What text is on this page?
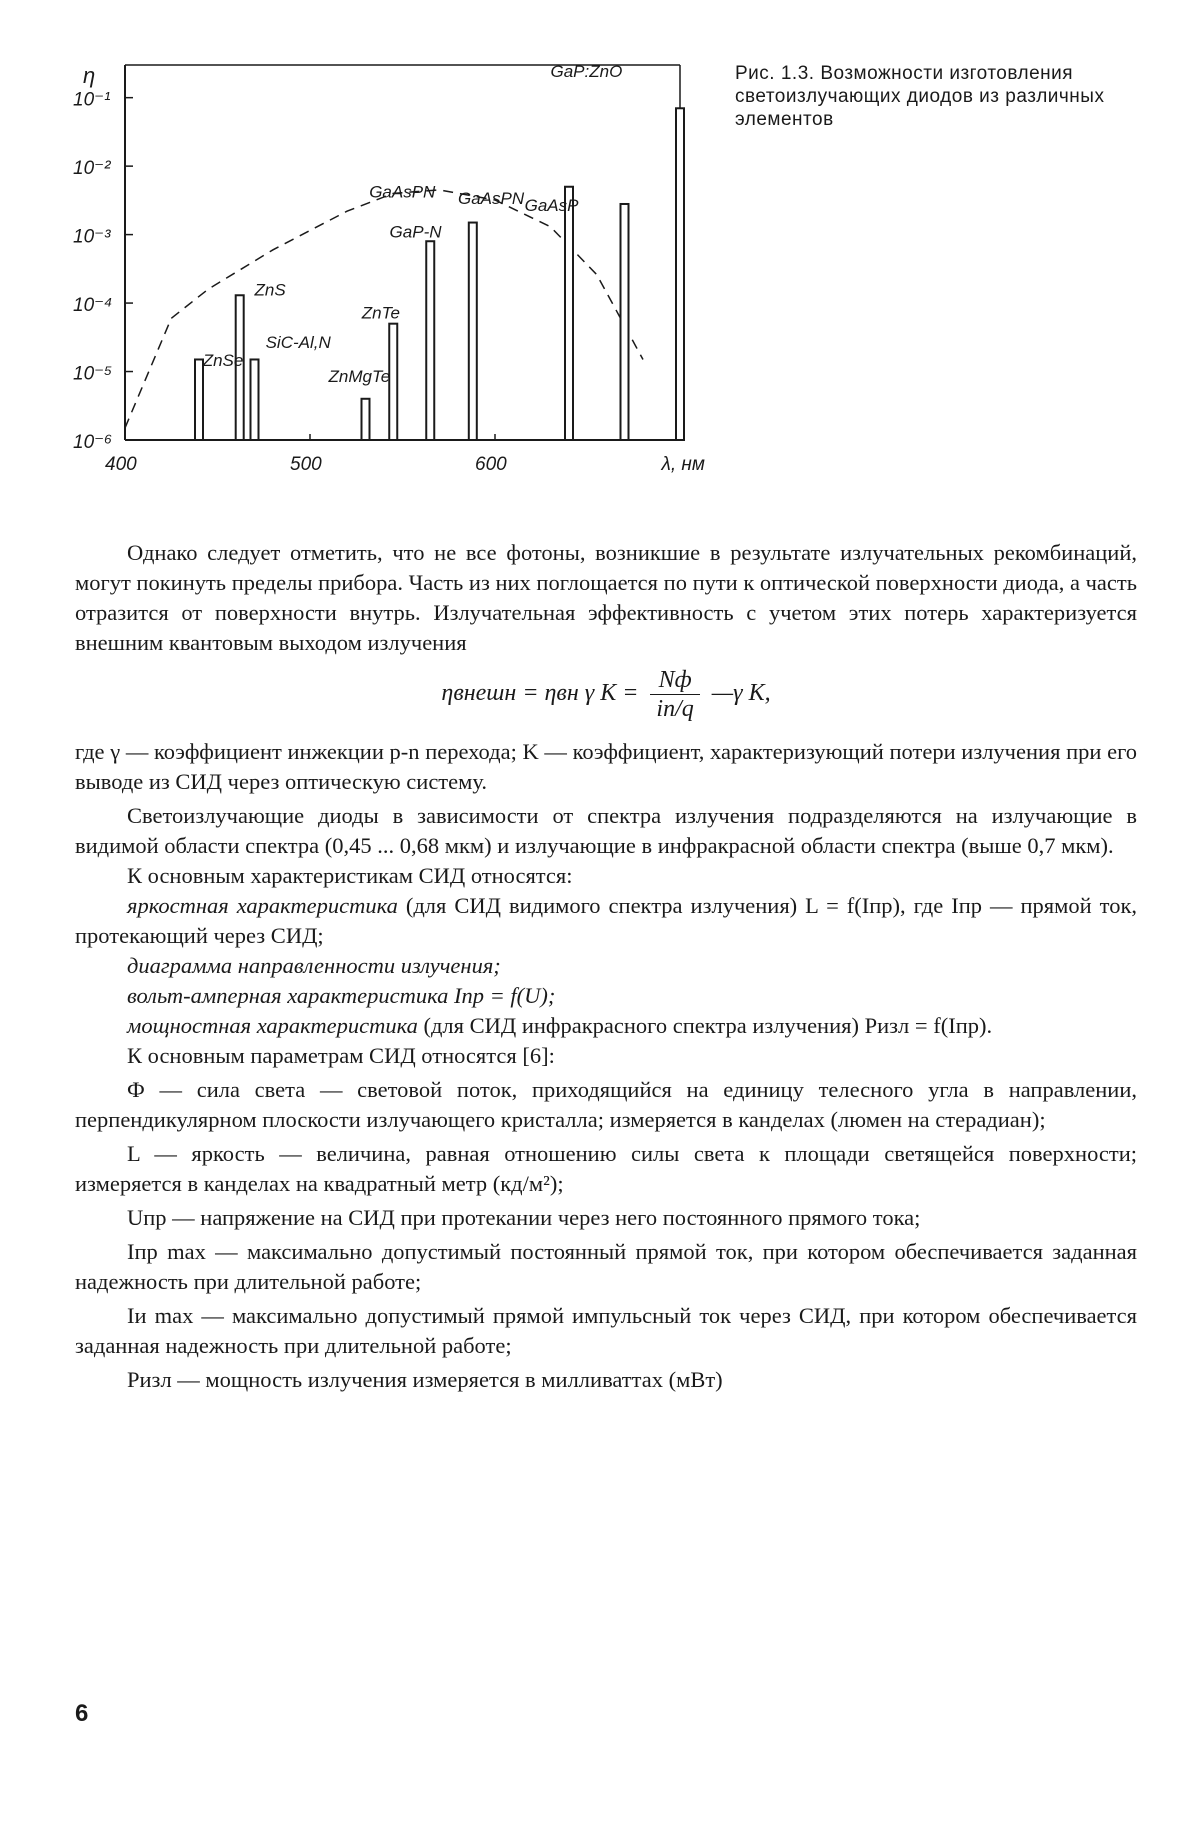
ZnSe
ZnS
SiC-Al,N
ZnMgTe
ZnTe
GaP-N
GaAsPN GaAsPN GaAsP
GaP:ZnO
η
10⁻¹
10⁻²
10⁻³
10⁻⁴
10⁻⁵
10⁻⁶
400	500	600	λ, нм
Рис. 1.3. Возможности изготовления светоизлучающих диодов из различных элементов

Однако следует отметить, что не все фотоны, возникшие в результате излучательных рекомбинаций, могут покинуть пределы прибора. Часть из них поглощается по пути к оптической поверхности диода, а часть отразится от поверхности внутрь. Излучательная эффективность с учетом этих потерь характеризуется внешним квантовым выходом излучения

ηвнешн = ηвн γ $K = \frac{Nф}{iп/q}$ —γ K,

где γ — коэффициент инжекции p-n перехода; K — коэффициент, характеризующий потери излучения при его выводе из СИД через оптическую систему.

Светоизлучающие диоды в зависимости от спектра излучения подразделяются на излучающие в видимой области спектра (0,45 ... 0,68 мкм) и излучающие в инфракрасной области спектра (выше 0,7 мкм).

К основным характеристикам СИД относятся:

яркостная характеристика (для СИД видимого спектра излучения) L = f(Iпр), где Iпр — прямой ток, протекающий через СИД;

диаграмма направленности излучения;

вольт-амперная характеристика Iпр = f(U);

мощностная характеристика (для СИД инфракрасного спектра излучения) Pизл = f(Iпр).

К основным параметрам СИД относятся [6]:

Ф — сила света — световой поток, приходящийся на единицу телесного угла в направлении, перпендикулярном плоскости излучающего кристалла; измеряется в канделах (люмен на стерадиан);

L — яркость — величина, равная отношению силы света к площади светящейся поверхности; измеряется в канделах на квадратный метр (кд/м²);

Uпр — напряжение на СИД при протекании через него постоянного прямого тока;

Iпр max — максимально допустимый постоянный прямой ток, при котором обеспечивается заданная надежность при длительной работе;

Iи max — максимально допустимый прямой импульсный ток через СИД, при котором обеспечивается заданная надежность при длительной работе;

Pизл — мощность излучения измеряется в милливаттах (мВт)

6
